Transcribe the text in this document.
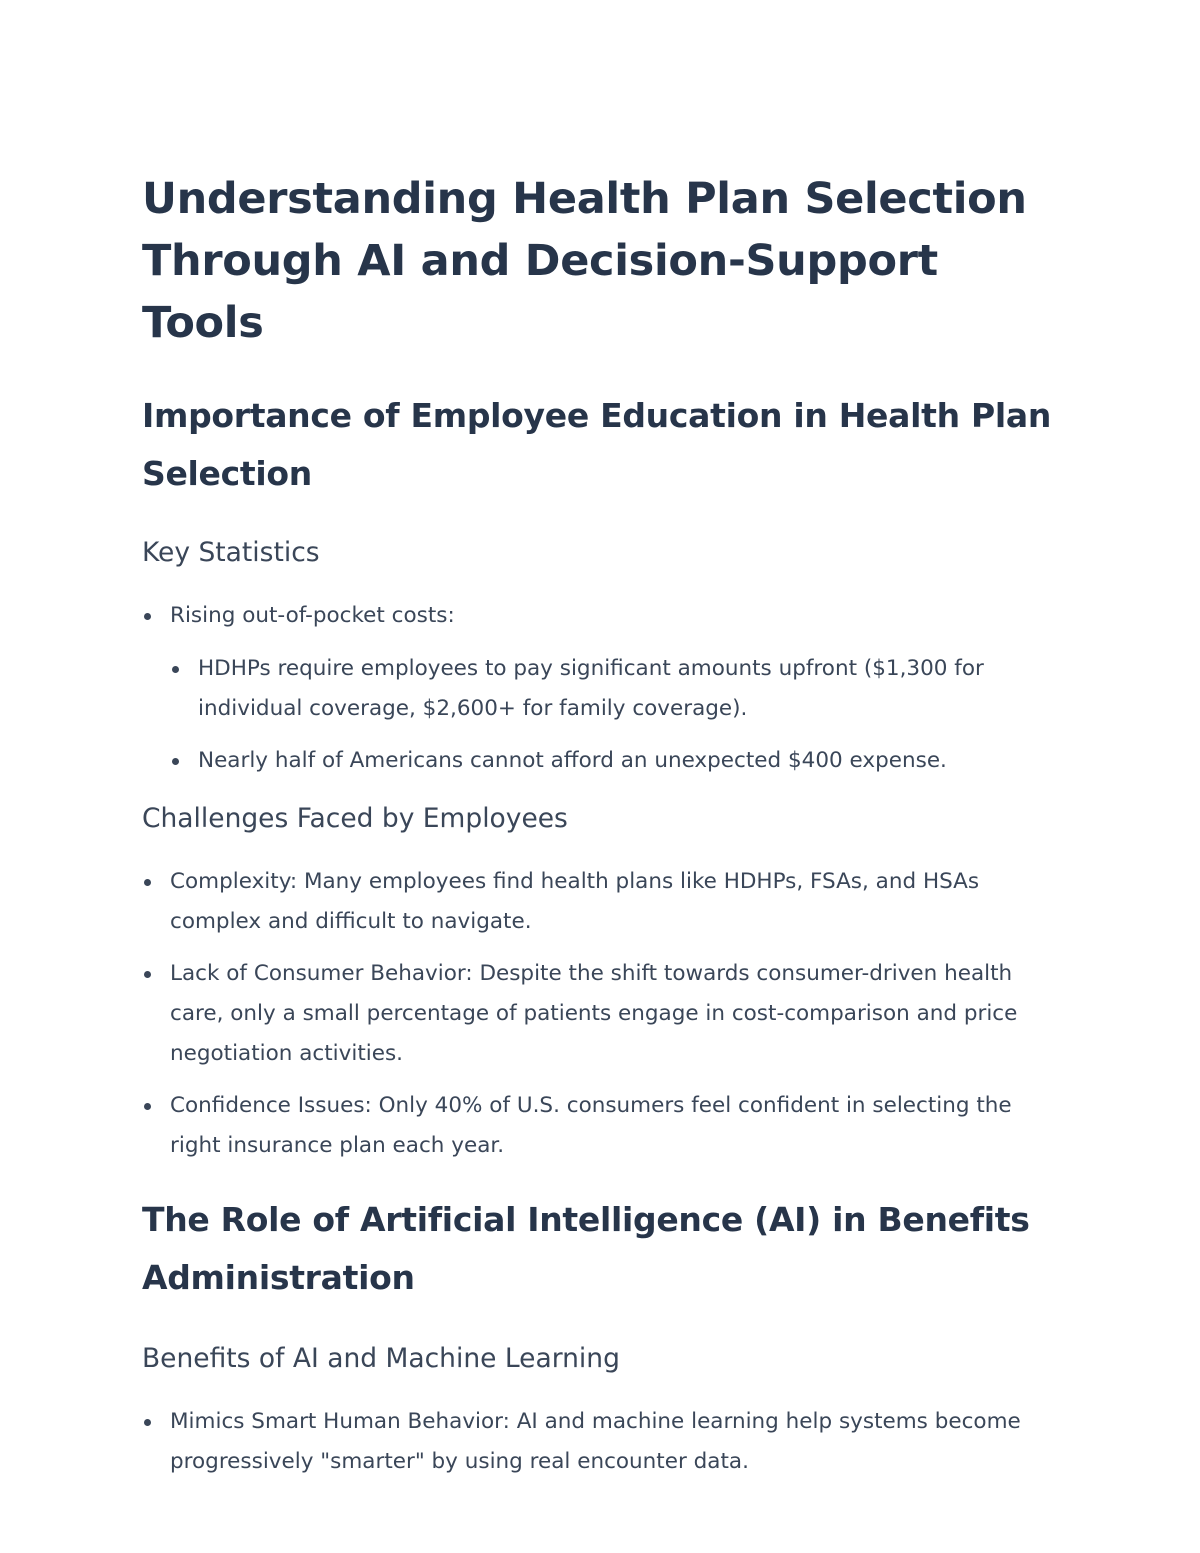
Understanding Health Plan Selection Through AI and Decision-Support Tools
Importance of Employee Education in Health Plan Selection
Key Statistics
Rising out-of-pocket costs:
HDHPs require employees to pay significant amounts upfront ($1,300 for individual coverage, $2,600+ for family coverage).
Nearly half of Americans cannot afford an unexpected $400 expense.
Challenges Faced by Employees
Complexity: Many employees find health plans like HDHPs, FSAs, and HSAs complex and difficult to navigate.
Lack of Consumer Behavior: Despite the shift towards consumer-driven health care, only a small percentage of patients engage in cost-comparison and price negotiation activities.
Confidence Issues: Only 40% of U.S. consumers feel confident in selecting the right insurance plan each year.
The Role of Artificial Intelligence (AI) in Benefits Administration
Benefits of AI and Machine Learning
Mimics Smart Human Behavior: AI and machine learning help systems become progressively "smarter" by using real encounter data.
